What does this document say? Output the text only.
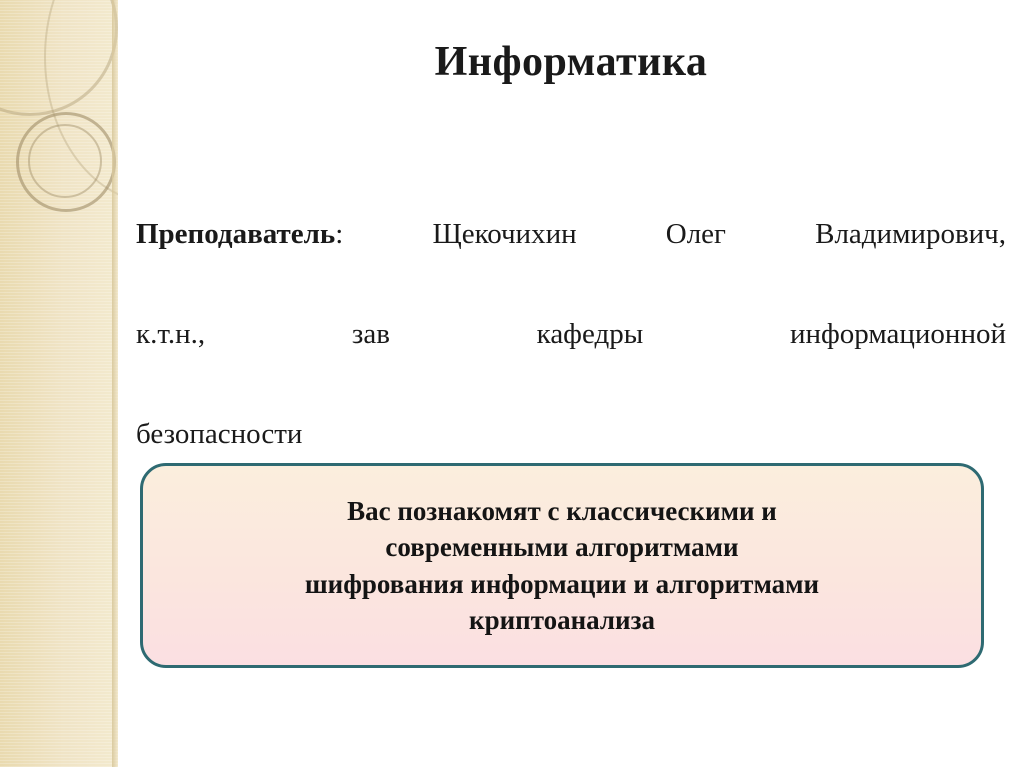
Информатика
Преподаватель: Щекочихин Олег Владимирович,
к.т.н., зав кафедры информационной
безопасности
Вас познакомят с классическими и
современными алгоритмами
шифрования информации и алгоритмами
криптоанализа
